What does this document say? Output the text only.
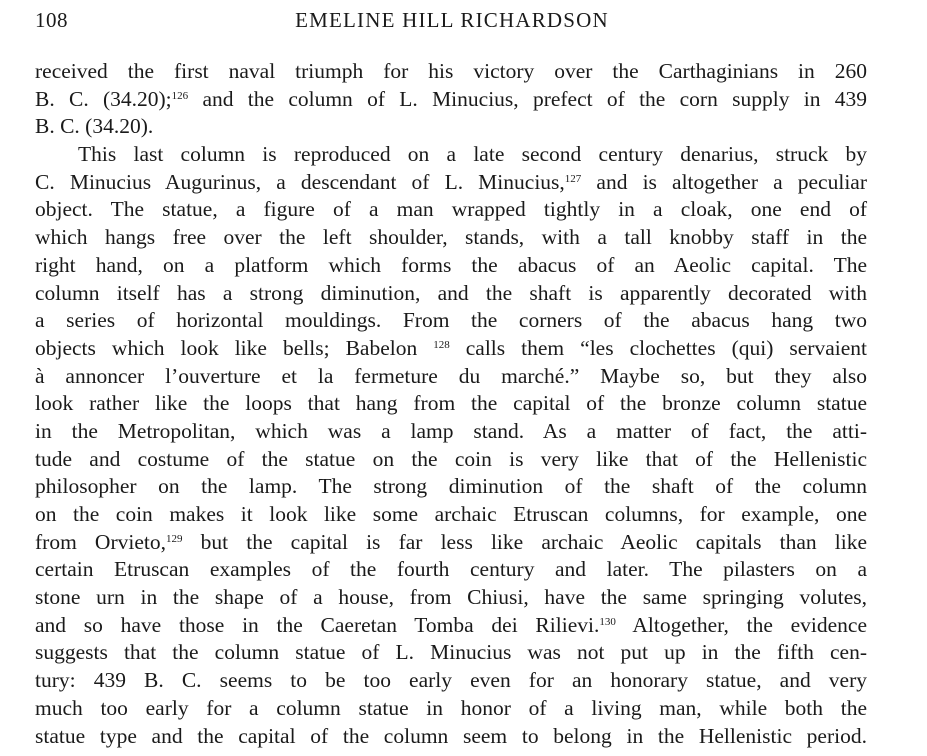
108	EMELINE HILL RICHARDSON
received the first naval triumph for his victory over the Carthaginians in 260
B. C. (34.20);$^{126}$ and the column of L. Minucius, prefect of the corn supply in 439
B. C. (34.20).
This last column is reproduced on a late second century denarius, struck by
C. Minucius Augurinus, a descendant of L. Minucius,$^{127}$ and is altogether a peculiar
object. The statue, a figure of a man wrapped tightly in a cloak, one end of
which hangs free over the left shoulder, stands, with a tall knobby staff in the
right hand, on a platform which forms the abacus of an Aeolic capital. The
column itself has a strong diminution, and the shaft is apparently decorated with
a series of horizontal mouldings. From the corners of the abacus hang two
objects which look like bells; Babelon $^{128}$ calls them “les clochettes (qui) servaient
à annoncer l’ouverture et la fermeture du marché.” Maybe so, but they also
look rather like the loops that hang from the capital of the bronze column statue
in the Metropolitan, which was a lamp stand. As a matter of fact, the atti-
tude and costume of the statue on the coin is very like that of the Hellenistic
philosopher on the lamp. The strong diminution of the shaft of the column
on the coin makes it look like some archaic Etruscan columns, for example, one
from Orvieto,$^{129}$ but the capital is far less like archaic Aeolic capitals than like
certain Etruscan examples of the fourth century and later. The pilasters on a
stone urn in the shape of a house, from Chiusi, have the same springing volutes,
and so have those in the Caeretan Tomba dei Rilievi.$^{130}$ Altogether, the evidence
suggests that the column statue of L. Minucius was not put up in the fifth cen-
tury: 439 B. C. seems to be too early even for an honorary statue, and very
much too early for a column statue in honor of a living man, while both the
statue type and the capital of the column seem to belong in the Hellenistic period.
